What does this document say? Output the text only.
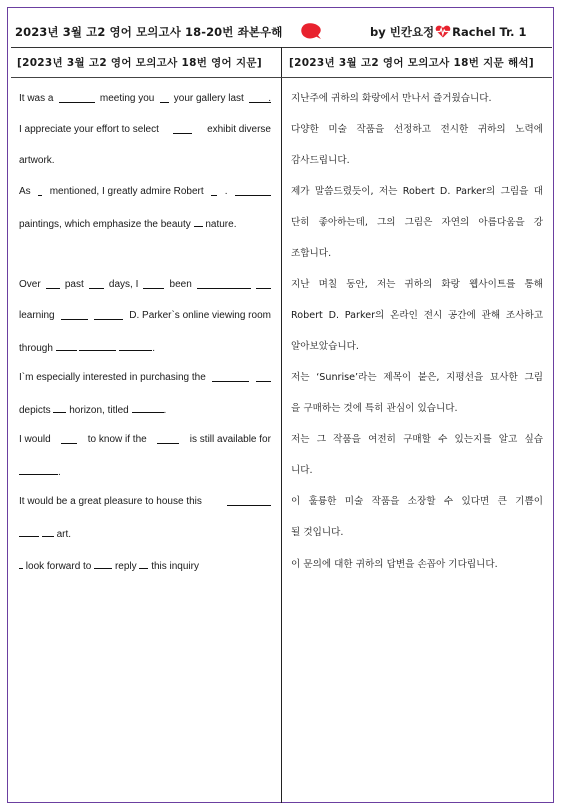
2023년 3월 고2 영어 모의고사 18-20번 좌본우해	by 빈칸요정 Rachel Tr. 1
[2023년 3월 고2 영어 모의고사 18번 영어 지문]	[2023년 3월 고2 영어 모의고사 18번 지문 해석]
It was a	meeting you your gallery last .
I appreciate your effort to select	exhibit diverse
artwork.
As mentioned, I greatly admire Robert .
paintings, which emphasize the beauty nature.
Over past	days, I	been
learning	D. Parker`s online viewing room
through	.
I`m especially interested in purchasing the
depicts horizon, titled	.
I would	to know if the	is still available for
.
It would be a great pleasure to house this
art.
look forward to reply this inquiry
지난주에 귀하의 화랑에서 만나서 즐거웠습니다.
다양한 미술 작품을 선정하고 전시한 귀하의 노력에
감사드립니다.
제가 말씀드렸듯이, 저는 Robert D. Parker의 그림을 대
단히 좋아하는데, 그의 그림은 자연의 아름다움을 강
조합니다.
지난 며칠 동안, 저는 귀하의 화랑 웹사이트를 통해
Robert D. Parker의 온라인 전시 공간에 관해 조사하고
알아보았습니다.
저는 ‘Sunrise’라는 제목이 붙은, 지평선을 묘사한 그림
을 구매하는 것에 특히 관심이 있습니다.
저는 그 작품을 여전히 구매할 수 있는지를 알고 싶습
니다.
이 훌륭한 미술 작품을 소장할 수 있다면 큰 기쁨이
될 것입니다.
이 문의에 대한 귀하의 답변을 손꼽아 기다립니다.
